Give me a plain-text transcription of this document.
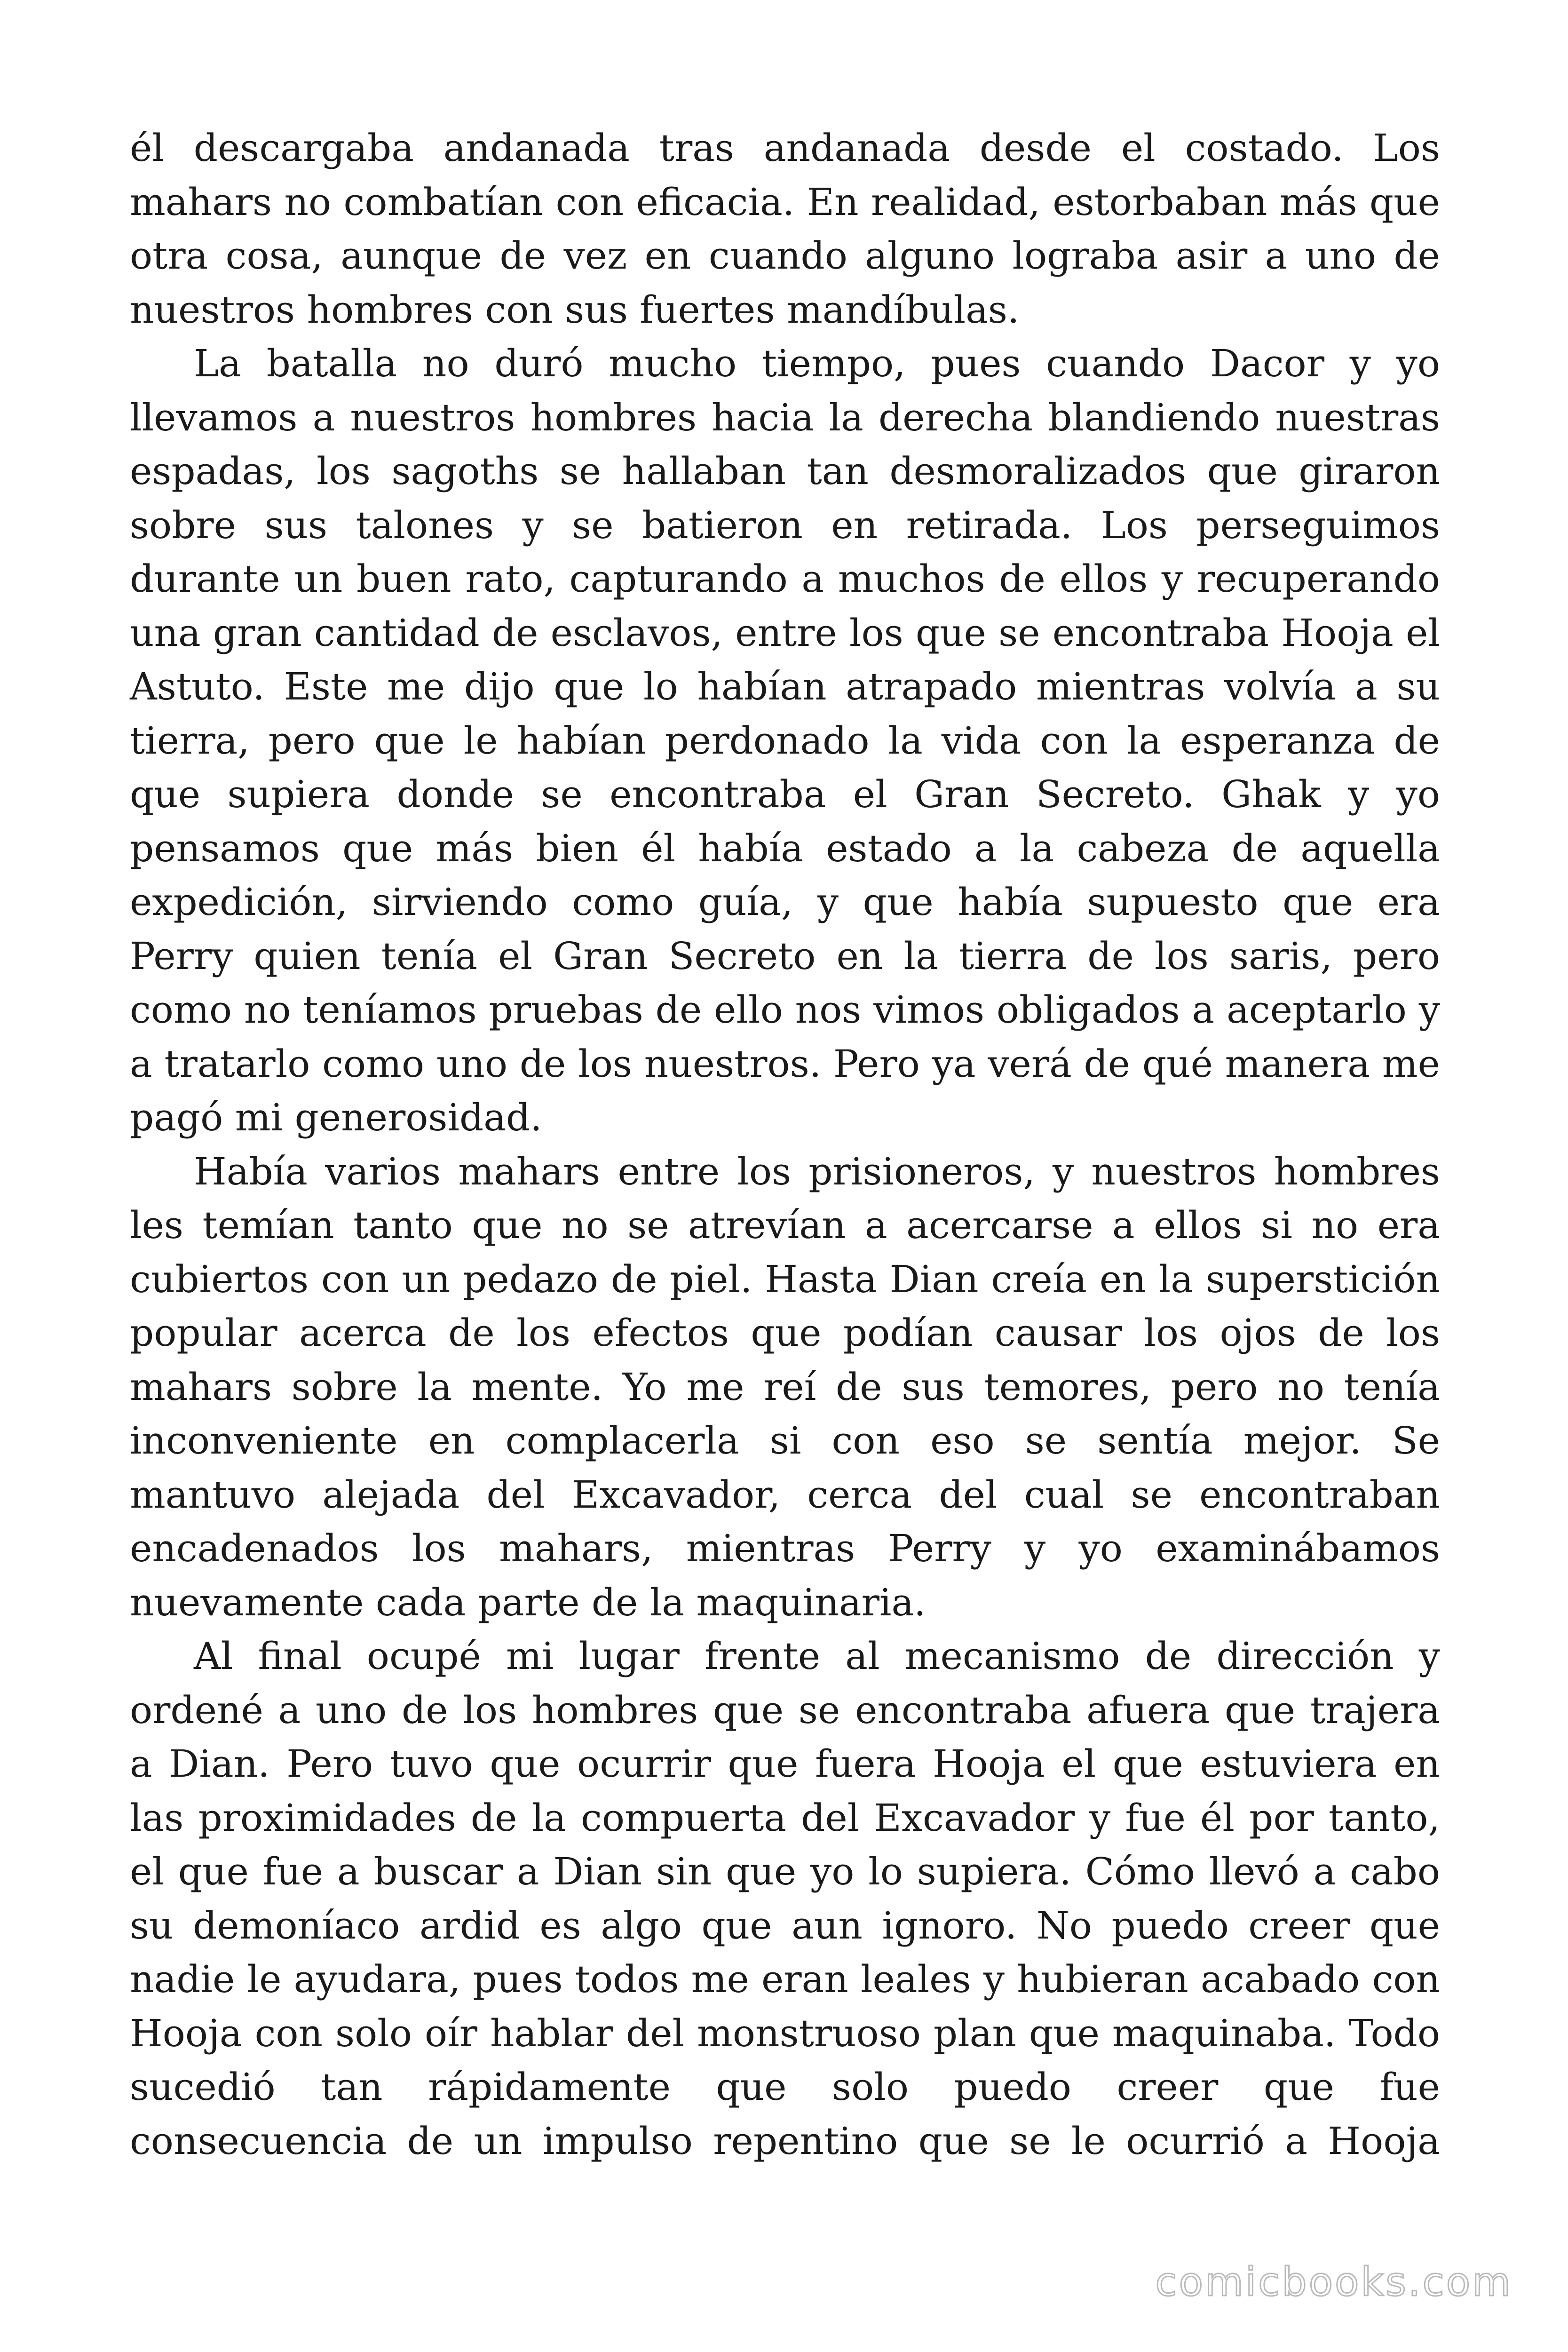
él descargaba andanada tras andanada desde el costado. Los mahars no combatían con eficacia. En realidad, estorbaban más que otra cosa, aunque de vez en cuando alguno lograba asir a uno de nuestros hombres con sus fuertes mandíbulas.

La batalla no duró mucho tiempo, pues cuando Dacor y yo llevamos a nuestros hombres hacia la derecha blandiendo nuestras espadas, los sagoths se hallaban tan desmoralizados que giraron sobre sus talones y se batieron en retirada. Los perseguimos durante un buen rato, capturando a muchos de ellos y recuperando una gran cantidad de esclavos, entre los que se encontraba Hooja el Astuto. Este me dijo que lo habían atrapado mientras volvía a su tierra, pero que le habían perdonado la vida con la esperanza de que supiera donde se encontraba el Gran Secreto. Ghak y yo pensamos que más bien él había estado a la cabeza de aquella expedición, sirviendo como guía, y que había supuesto que era Perry quien tenía el Gran Secreto en la tierra de los saris, pero como no teníamos pruebas de ello nos vimos obligados a aceptarlo y a tratarlo como uno de los nuestros. Pero ya verá de qué manera me pagó mi generosidad.

Había varios mahars entre los prisioneros, y nuestros hombres les temían tanto que no se atrevían a acercarse a ellos si no era cubiertos con un pedazo de piel. Hasta Dian creía en la superstición popular acerca de los efectos que podían causar los ojos de los mahars sobre la mente. Yo me reí de sus temores, pero no tenía inconveniente en complacerla si con eso se sentía mejor. Se mantuvo alejada del Excavador, cerca del cual se encontraban encadenados los mahars, mientras Perry y yo examinábamos nuevamente cada parte de la maquinaria.

Al final ocupé mi lugar frente al mecanismo de dirección y ordené a uno de los hombres que se encontraba afuera que trajera a Dian. Pero tuvo que ocurrir que fuera Hooja el que estuviera en las proximidades de la compuerta del Excavador y fue él por tanto, el que fue a buscar a Dian sin que yo lo supiera. Cómo llevó a cabo su demoníaco ardid es algo que aun ignoro. No puedo creer que nadie le ayudara, pues todos me eran leales y hubieran acabado con Hooja con solo oír hablar del monstruoso plan que maquinaba. Todo sucedió tan rápidamente que solo puedo creer que fue consecuencia de un impulso repentino que se le ocurrió a Hooja

comicbooks.com
